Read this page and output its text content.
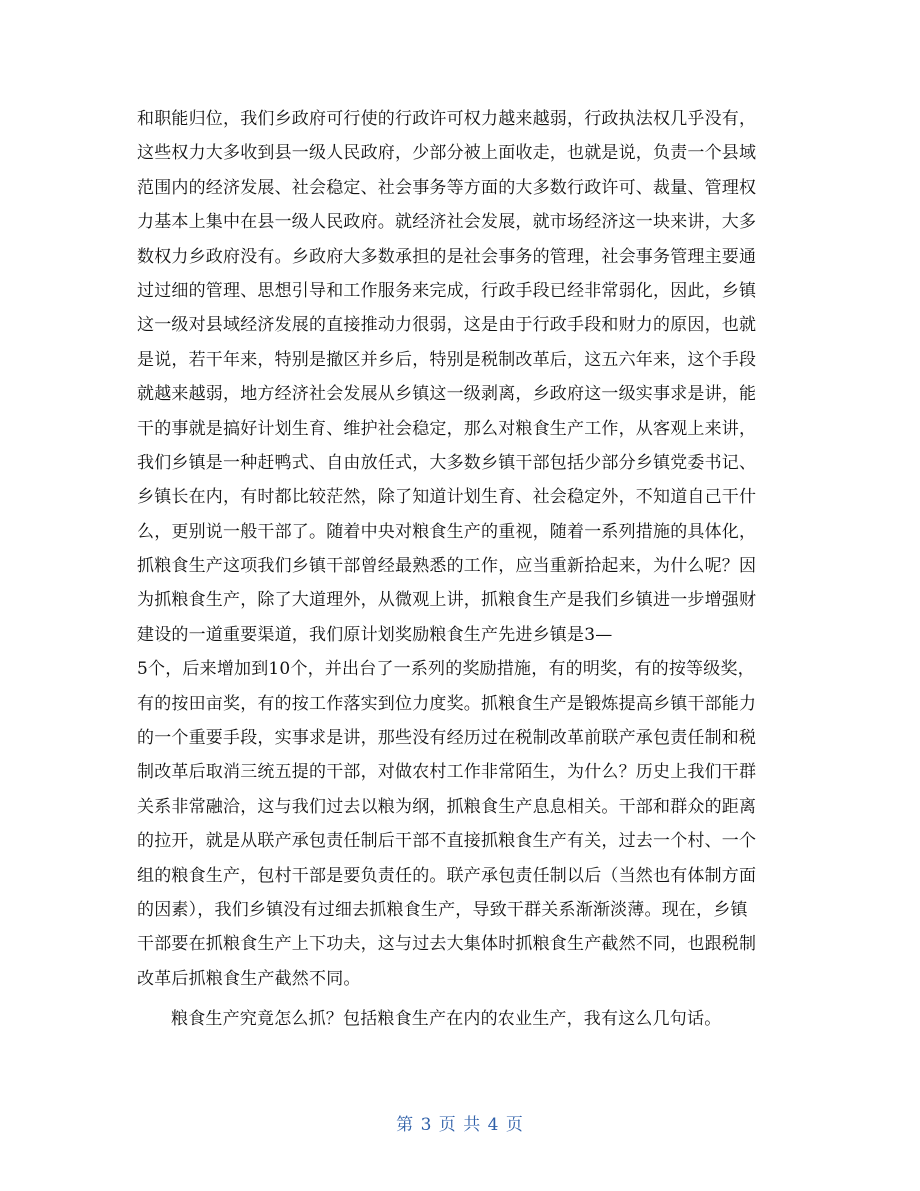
和职能归位，我们乡政府可行使的行政许可权力越来越弱，行政执法权几乎没有，
这些权力大多收到县一级人民政府，少部分被上面收走，也就是说，负责一个县域
范围内的经济发展、社会稳定、社会事务等方面的大多数行政许可、裁量、管理权
力基本上集中在县一级人民政府。就经济社会发展，就市场经济这一块来讲，大多
数权力乡政府没有。乡政府大多数承担的是社会事务的管理，社会事务管理主要通
过过细的管理、思想引导和工作服务来完成，行政手段已经非常弱化，因此，乡镇
这一级对县域经济发展的直接推动力很弱，这是由于行政手段和财力的原因，也就
是说，若干年来，特别是撤区并乡后，特别是税制改革后，这五六年来，这个手段
就越来越弱，地方经济社会发展从乡镇这一级剥离，乡政府这一级实事求是讲，能
干的事就是搞好计划生育、维护社会稳定，那么对粮食生产工作，从客观上来讲，
我们乡镇是一种赶鸭式、自由放任式，大多数乡镇干部包括少部分乡镇党委书记、
乡镇长在内，有时都比较茫然，除了知道计划生育、社会稳定外，不知道自己干什
么，更别说一般干部了。随着中央对粮食生产的重视，随着一系列措施的具体化，
抓粮食生产这项我们乡镇干部曾经最熟悉的工作，应当重新拾起来，为什么呢？因
为抓粮食生产，除了大道理外，从微观上讲，抓粮食生产是我们乡镇进一步增强财
建设的一道重要渠道，我们原计划奖励粮食生产先进乡镇是3—
5个，后来增加到10个，并出台了一系列的奖励措施，有的明奖，有的按等级奖，
有的按田亩奖，有的按工作落实到位力度奖。抓粮食生产是锻炼提高乡镇干部能力
的一个重要手段，实事求是讲，那些没有经历过在税制改革前联产承包责任制和税
制改革后取消三统五提的干部，对做农村工作非常陌生，为什么？历史上我们干群
关系非常融洽，这与我们过去以粮为纲，抓粮食生产息息相关。干部和群众的距离
的拉开，就是从联产承包责任制后干部不直接抓粮食生产有关，过去一个村、一个
组的粮食生产，包村干部是要负责任的。联产承包责任制以后（当然也有体制方面
的因素），我们乡镇没有过细去抓粮食生产，导致干群关系渐渐淡薄。现在，乡镇
干部要在抓粮食生产上下功夫，这与过去大集体时抓粮食生产截然不同，也跟税制
改革后抓粮食生产截然不同。
粮食生产究竟怎么抓？包括粮食生产在内的农业生产，我有这么几句话。
第 3 页 共 4 页
